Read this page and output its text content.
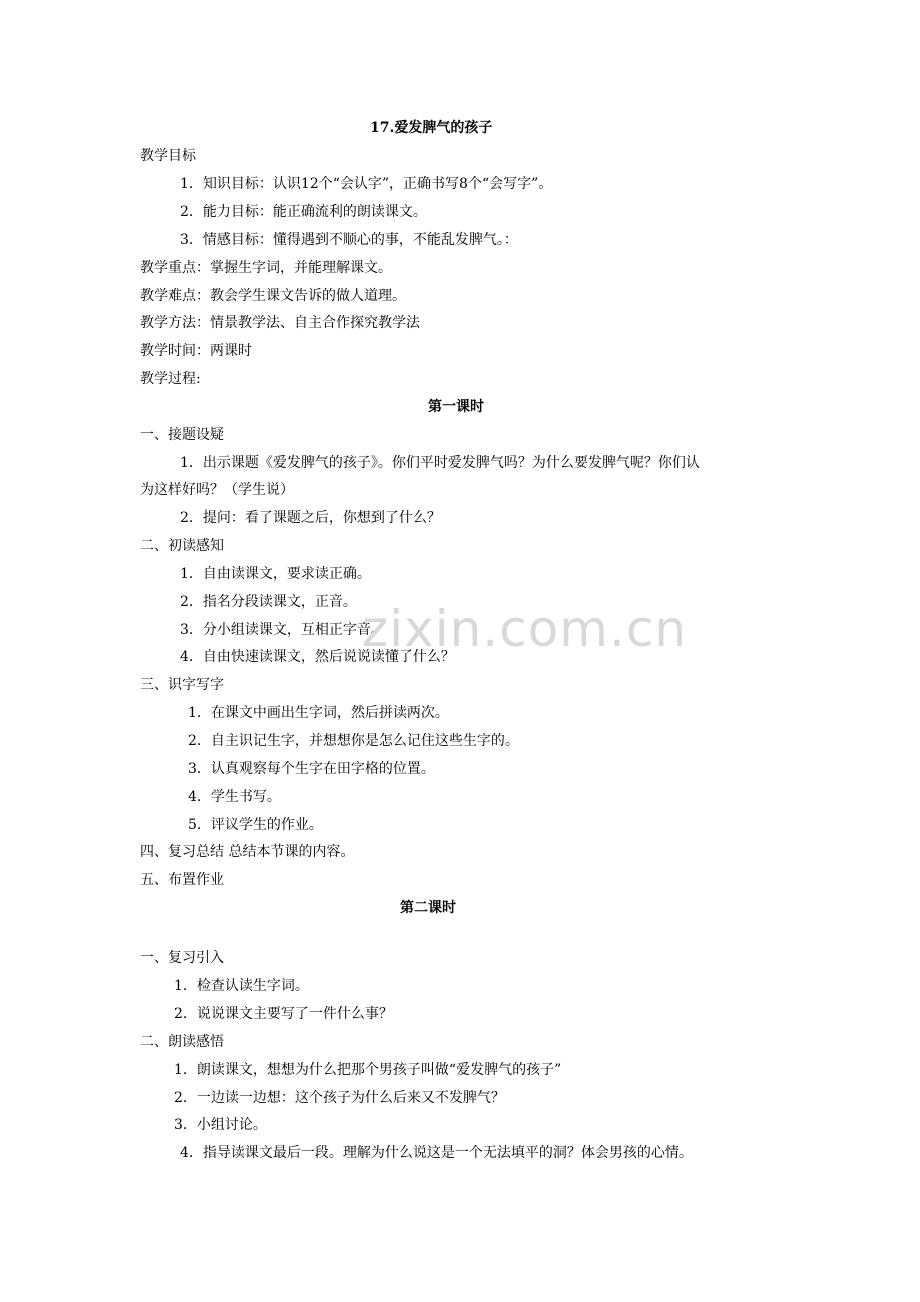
17.爱发脾气的孩子
教学目标
1．知识目标：认识12个“会认字”，正确书写8个“会写字”。
2．能力目标：能正确流利的朗读课文。
3．情感目标：懂得遇到不顺心的事，不能乱发脾气。：
教学重点：掌握生字词，并能理解课文。
教学难点：教会学生课文告诉的做人道理。
教学方法：情景教学法、自主合作探究教学法
教学时间：两课时
教学过程:
第一课时
一、接题设疑
1．出示课题《爱发脾气的孩子》。你们平时爱发脾气吗？为什么要发脾气呢？你们认
为这样好吗？（学生说）
2．提问：看了课题之后，你想到了什么？
二、初读感知
1．自由读课文，要求读正确。
2．指名分段读课文，正音。
3．分小组读课文，互相正字音。
4．自由快速读课文，然后说说读懂了什么？
三、识字写字
1．在课文中画出生字词，然后拼读两次。
2．自主识记生字，并想想你是怎么记住这些生字的。
3．认真观察每个生字在田字格的位置。
4．学生书写。
5．评议学生的作业。
四、复习总结 总结本节课的内容。
五、布置作业
第二课时
一、复习引入
1．检查认读生字词。
2．说说课文主要写了一件什么事？
二、朗读感悟
1．朗读课文，想想为什么把那个男孩子叫做“爱发脾气的孩子”
2．一边读一边想：这个孩子为什么后来又不发脾气？
3．小组讨论。
4．指导读课文最后一段。理解为什么说这是一个无法填平的洞？体会男孩的心情。
zixin.com.cn
